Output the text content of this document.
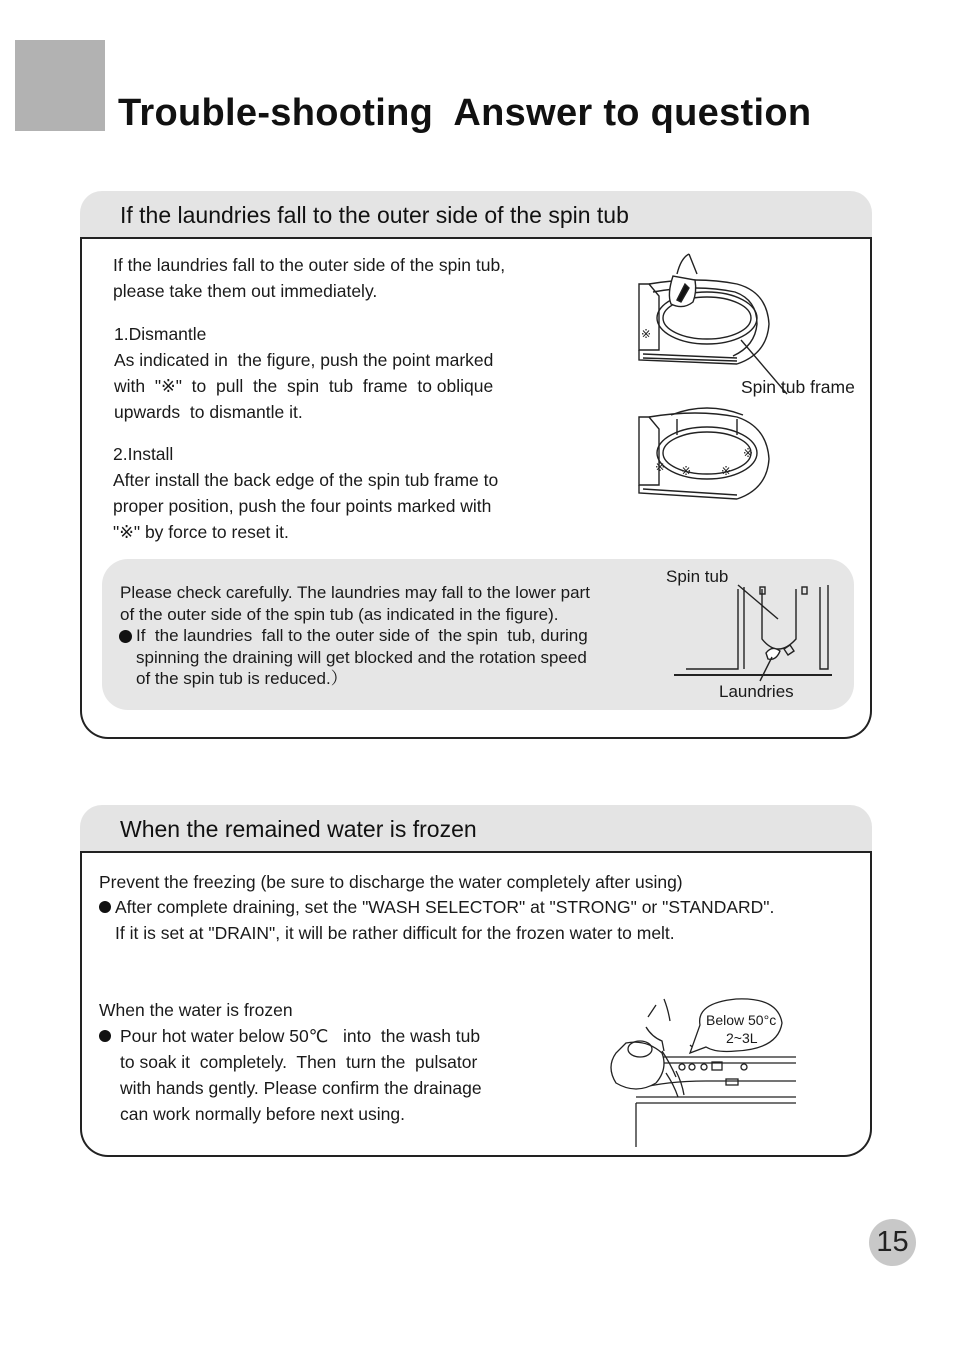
Trouble-shooting  Answer to question
If the laundries fall to the outer side of the spin tub
If the laundries fall to the outer side of the spin tub,
please take them out immediately.
1.Dismantle
As indicated in  the figure, push the point marked
with  "※"  to  pull  the  spin  tub  frame  to oblique
upwards  to dismantle it.
2.Install
After install the back edge of the spin tub frame to
proper position, push the four points marked with
"※" by force to reset it.
※
Spin tub frame
※ ※ ※
※
Please check carefully. The laundries may fall to the lower part
of the outer side of the spin tub (as indicated in the figure).
If  the laundries  fall to the outer side of  the spin  tub, during
spinning the draining will get blocked and the rotation speed
of the spin tub is reduced.）
Spin tub
Laundries
When the remained water is frozen
Prevent the freezing (be sure to discharge the water completely after using)
After complete draining, set the "WASH SELECTOR" at "STRONG" or "STANDARD".
If it is set at "DRAIN", it will be rather difficult for the frozen water to melt.
When the water is frozen
Pour hot water below 50℃   into  the wash tub
to soak it  completely.  Then  turn the  pulsator
with hands gently. Please confirm the drainage
can work normally before next using.
Below 50°c
2~3L
15
